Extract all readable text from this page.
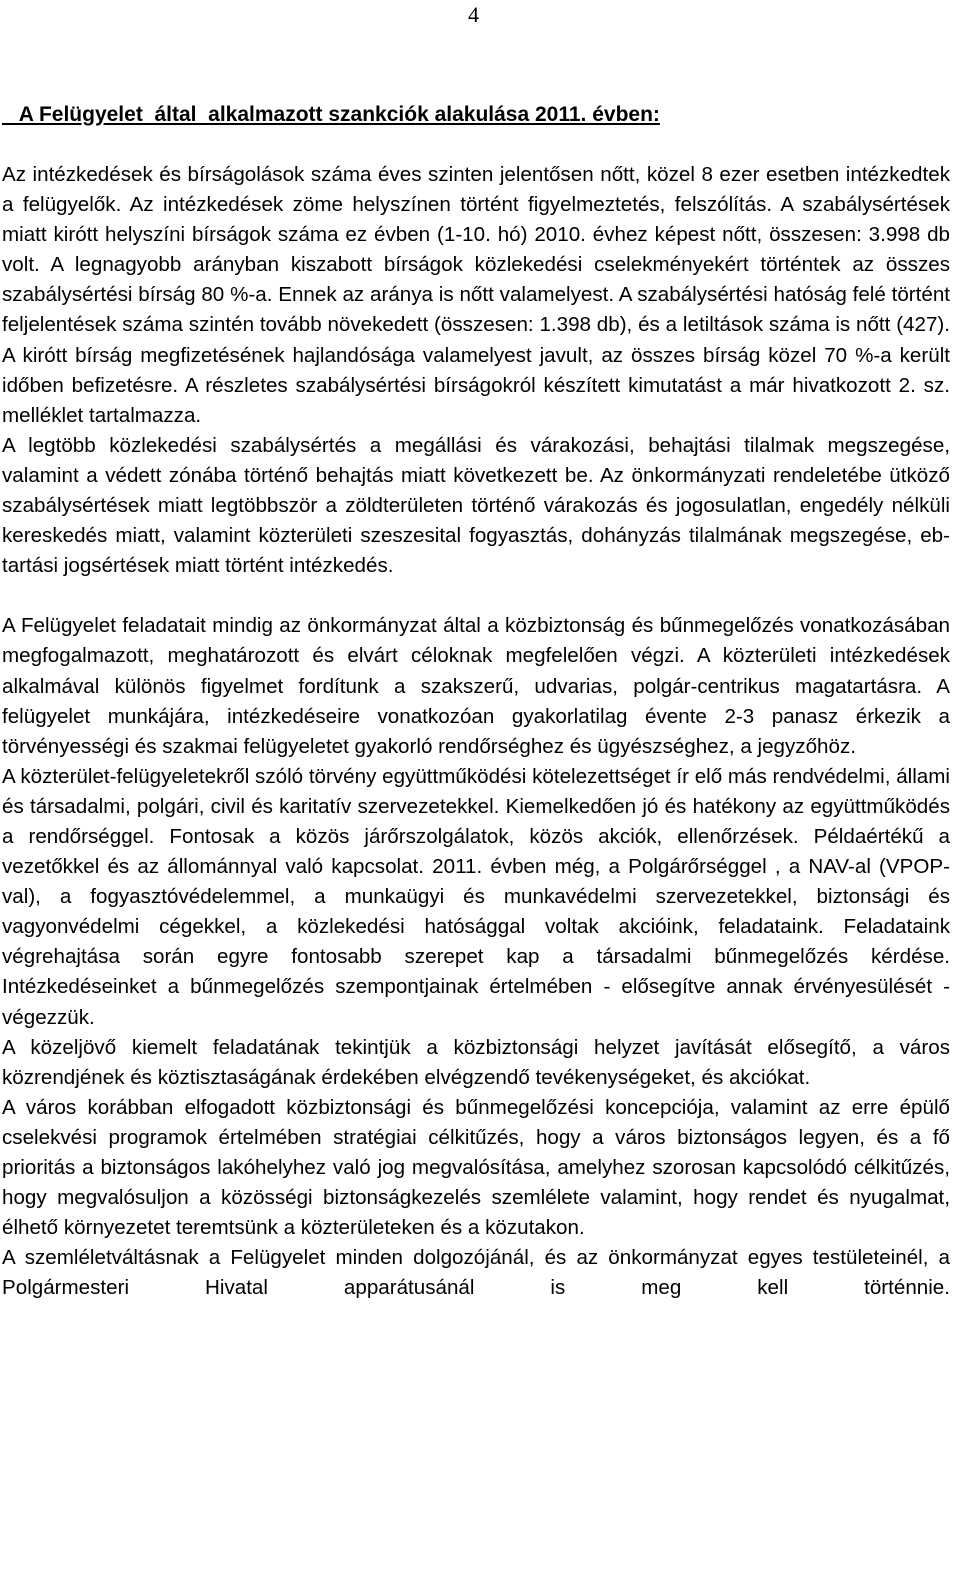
4
A Felügyelet  által  alkalmazott szankciók alakulása 2011. évben:

Az intézkedések és bírságolások száma éves szinten jelentősen nőtt, közel 8 ezer esetben intézkedtek a felügyelők. Az intézkedések zöme helyszínen történt figyelmeztetés, felszólítás. A szabálysértések miatt kirótt helyszíni bírságok száma ez évben (1-10. hó) 2010. évhez képest nőtt, összesen: 3.998 db volt. A legnagyobb arányban kiszabott bírságok közlekedési cselekményekért történtek az összes szabálysértési bírság 80 %-a. Ennek az aránya is nőtt valamelyest. A szabálysértési hatóság felé történt feljelentések száma szintén tovább növekedett (összesen: 1.398 db), és a letiltások száma is nőtt (427). A kirótt bírság megfizetésének hajlandósága valamelyest javult, az összes bírság közel 70 %-a került időben befizetésre. A részletes szabálysértési bírságokról készített kimutatást a már hivatkozott 2. sz. melléklet tartalmazza.

A legtöbb közlekedési szabálysértés a megállási és várakozási, behajtási tilalmak megszegése, valamint a védett zónába történő behajtás miatt következett be. Az önkormányzati rendeletébe ütköző szabálysértések miatt legtöbbször a zöldterületen történő várakozás és jogosulatlan, engedély nélküli kereskedés miatt, valamint közterületi szeszesital fogyasztás, dohányzás tilalmának megszegése, eb-tartási jogsértések miatt történt intézkedés.

A Felügyelet feladatait mindig az önkormányzat által a közbiztonság és bűnmegelőzés vonatkozásában megfogalmazott, meghatározott és elvárt céloknak megfelelően végzi. A közterületi intézkedések alkalmával különös figyelmet fordítunk a szakszerű, udvarias, polgár-centrikus magatartásra. A felügyelet munkájára, intézkedéseire vonatkozóan gyakorlatilag évente 2-3 panasz érkezik a törvényességi és szakmai felügyeletet gyakorló rendőrséghez és ügyészséghez, a jegyzőhöz.

A közterület-felügyeletekről szóló törvény együttműködési kötelezettséget ír elő más rendvédelmi, állami és társadalmi, polgári, civil és karitatív szervezetekkel. Kiemelkedően jó és hatékony az együttműködés a rendőrséggel. Fontosak a közös járőrszolgálatok, közös akciók, ellenőrzések. Példaértékű a vezetőkkel és az állománnyal való kapcsolat. 2011. évben még, a Polgárőrséggel , a NAV-al (VPOP-val), a fogyasztóvédelemmel, a munkaügyi és munkavédelmi szervezetekkel, biztonsági és vagyonvédelmi cégekkel, a közlekedési hatósággal voltak akcióink, feladataink. Feladataink végrehajtása során egyre fontosabb szerepet kap a társadalmi bűnmegelőzés kérdése. Intézkedéseinket a bűnmegelőzés szempontjainak értelmében - elősegítve annak érvényesülését - végezzük.

A közeljövő kiemelt feladatának tekintjük a közbiztonsági helyzet javítását elősegítő, a város közrendjének és köztisztaságának érdekében elvégzendő tevékenységeket, és akciókat.

A város korábban elfogadott közbiztonsági és bűnmegelőzési koncepciója, valamint az erre épülő cselekvési programok értelmében stratégiai célkitűzés, hogy a város biztonságos legyen, és a fő prioritás a biztonságos lakóhelyhez való jog megvalósítása, amelyhez szorosan kapcsolódó célkitűzés, hogy megvalósuljon a közösségi biztonságkezelés szemlélete valamint, hogy rendet és nyugalmat, élhető környezetet teremtsünk a közterületeken és a közutakon.

A szemléletváltásnak a Felügyelet minden dolgozójánál, és az önkormányzat egyes testületeinél, a Polgármesteri Hivatal apparátusánál is meg kell történnie.
